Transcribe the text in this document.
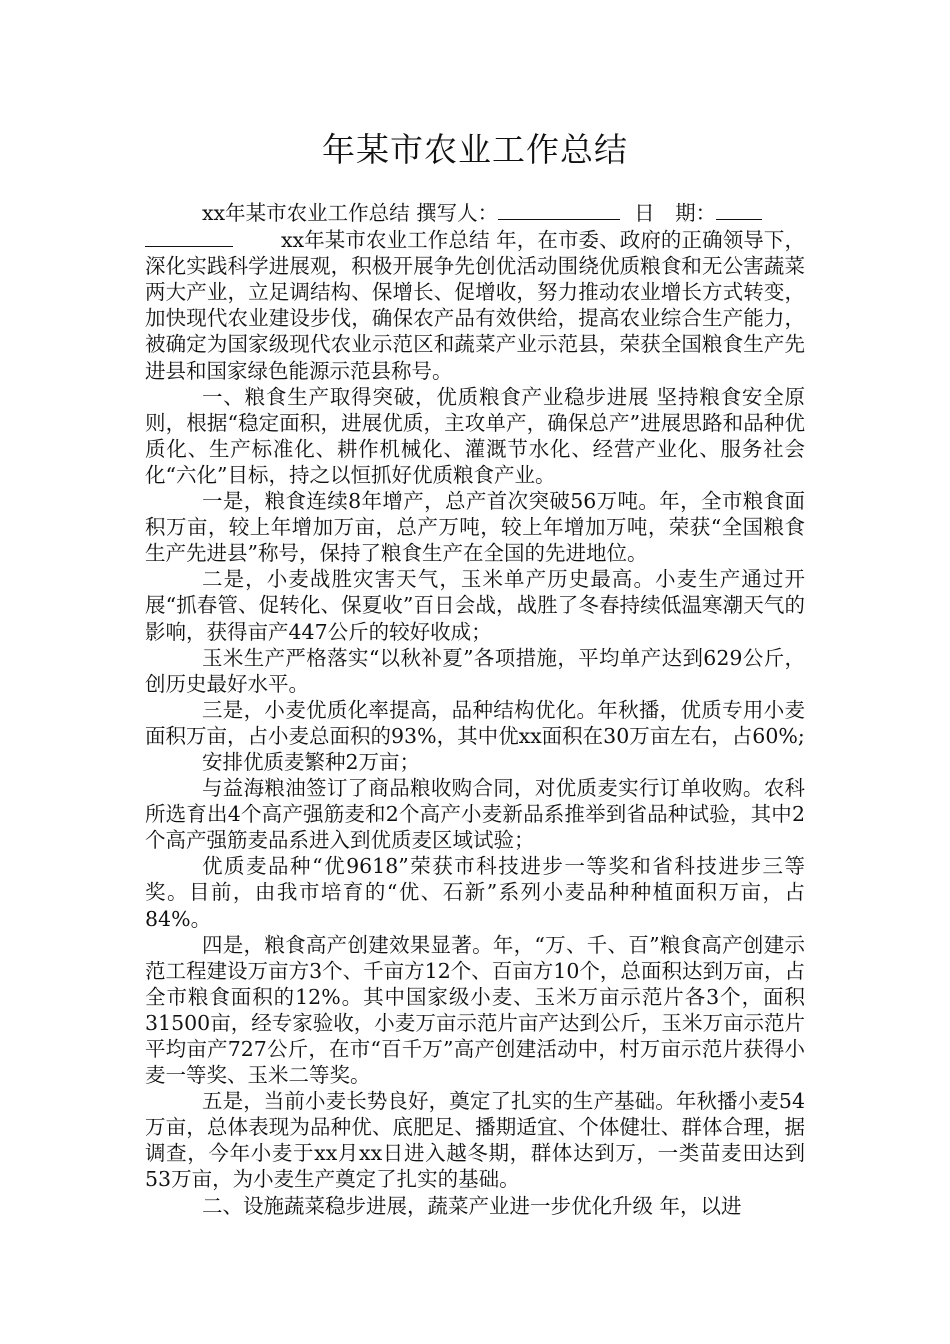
年某市农业工作总结

xx年某市农业工作总结 撰写人：	日　期：
xx年某市农业工作总结 年，在市委、政府的正确领导下，深化实践科学进展观，积极开展争先创优活动围绕优质粮食和无公害蔬菜两大产业，立足调结构、保增长、促增收，努力推动农业增长方式转变，加快现代农业建设步伐，确保农产品有效供给，提高农业综合生产能力，被确定为国家级现代农业示范区和蔬菜产业示范县，荣获全国粮食生产先进县和国家绿色能源示范县称号。

一、粮食生产取得突破，优质粮食产业稳步进展 坚持粮食安全原则，根据“稳定面积，进展优质，主攻单产，确保总产”进展思路和品种优质化、生产标准化、耕作机械化、灌溉节水化、经营产业化、服务社会化“六化”目标，持之以恒抓好优质粮食产业。

一是，粮食连续8年增产，总产首次突破56万吨。年，全市粮食面积万亩，较上年增加万亩，总产万吨，较上年增加万吨，荣获“全国粮食生产先进县”称号，保持了粮食生产在全国的先进地位。

二是，小麦战胜灾害天气，玉米单产历史最高。小麦生产通过开展“抓春管、促转化、保夏收”百日会战，战胜了冬春持续低温寒潮天气的影响，获得亩产447公斤的较好收成；

玉米生产严格落实“以秋补夏”各项措施，平均单产达到629公斤，创历史最好水平。

三是，小麦优质化率提高，品种结构优化。年秋播，优质专用小麦面积万亩，占小麦总面积的93%，其中优xx面积在30万亩左右，占60%;

安排优质麦繁种2万亩；

与益海粮油签订了商品粮收购合同，对优质麦实行订单收购。农科所选育出4个高产强筋麦和2个高产小麦新品系推举到省品种试验，其中2个高产强筋麦品系进入到优质麦区域试验；

优质麦品种“优9618”荣获市科技进步一等奖和省科技进步三等奖。目前，由我市培育的“优、石新”系列小麦品种种植面积万亩，占84%。

四是，粮食高产创建效果显著。年，“万、千、百”粮食高产创建示范工程建设万亩方3个、千亩方12个、百亩方10个，总面积达到万亩，占全市粮食面积的12%。其中国家级小麦、玉米万亩示范片各3个，面积31500亩，经专家验收，小麦万亩示范片亩产达到公斤，玉米万亩示范片平均亩产727公斤，在市“百千万”高产创建活动中，村万亩示范片获得小麦一等奖、玉米二等奖。

五是，当前小麦长势良好，奠定了扎实的生产基础。年秋播小麦54万亩，总体表现为品种优、底肥足、播期适宜、个体健壮、群体合理，据调查，今年小麦于xx月xx日进入越冬期，群体达到万，一类苗麦田达到53万亩，为小麦生产奠定了扎实的基础。

二、设施蔬菜稳步进展，蔬菜产业进一步优化升级 年，以进
